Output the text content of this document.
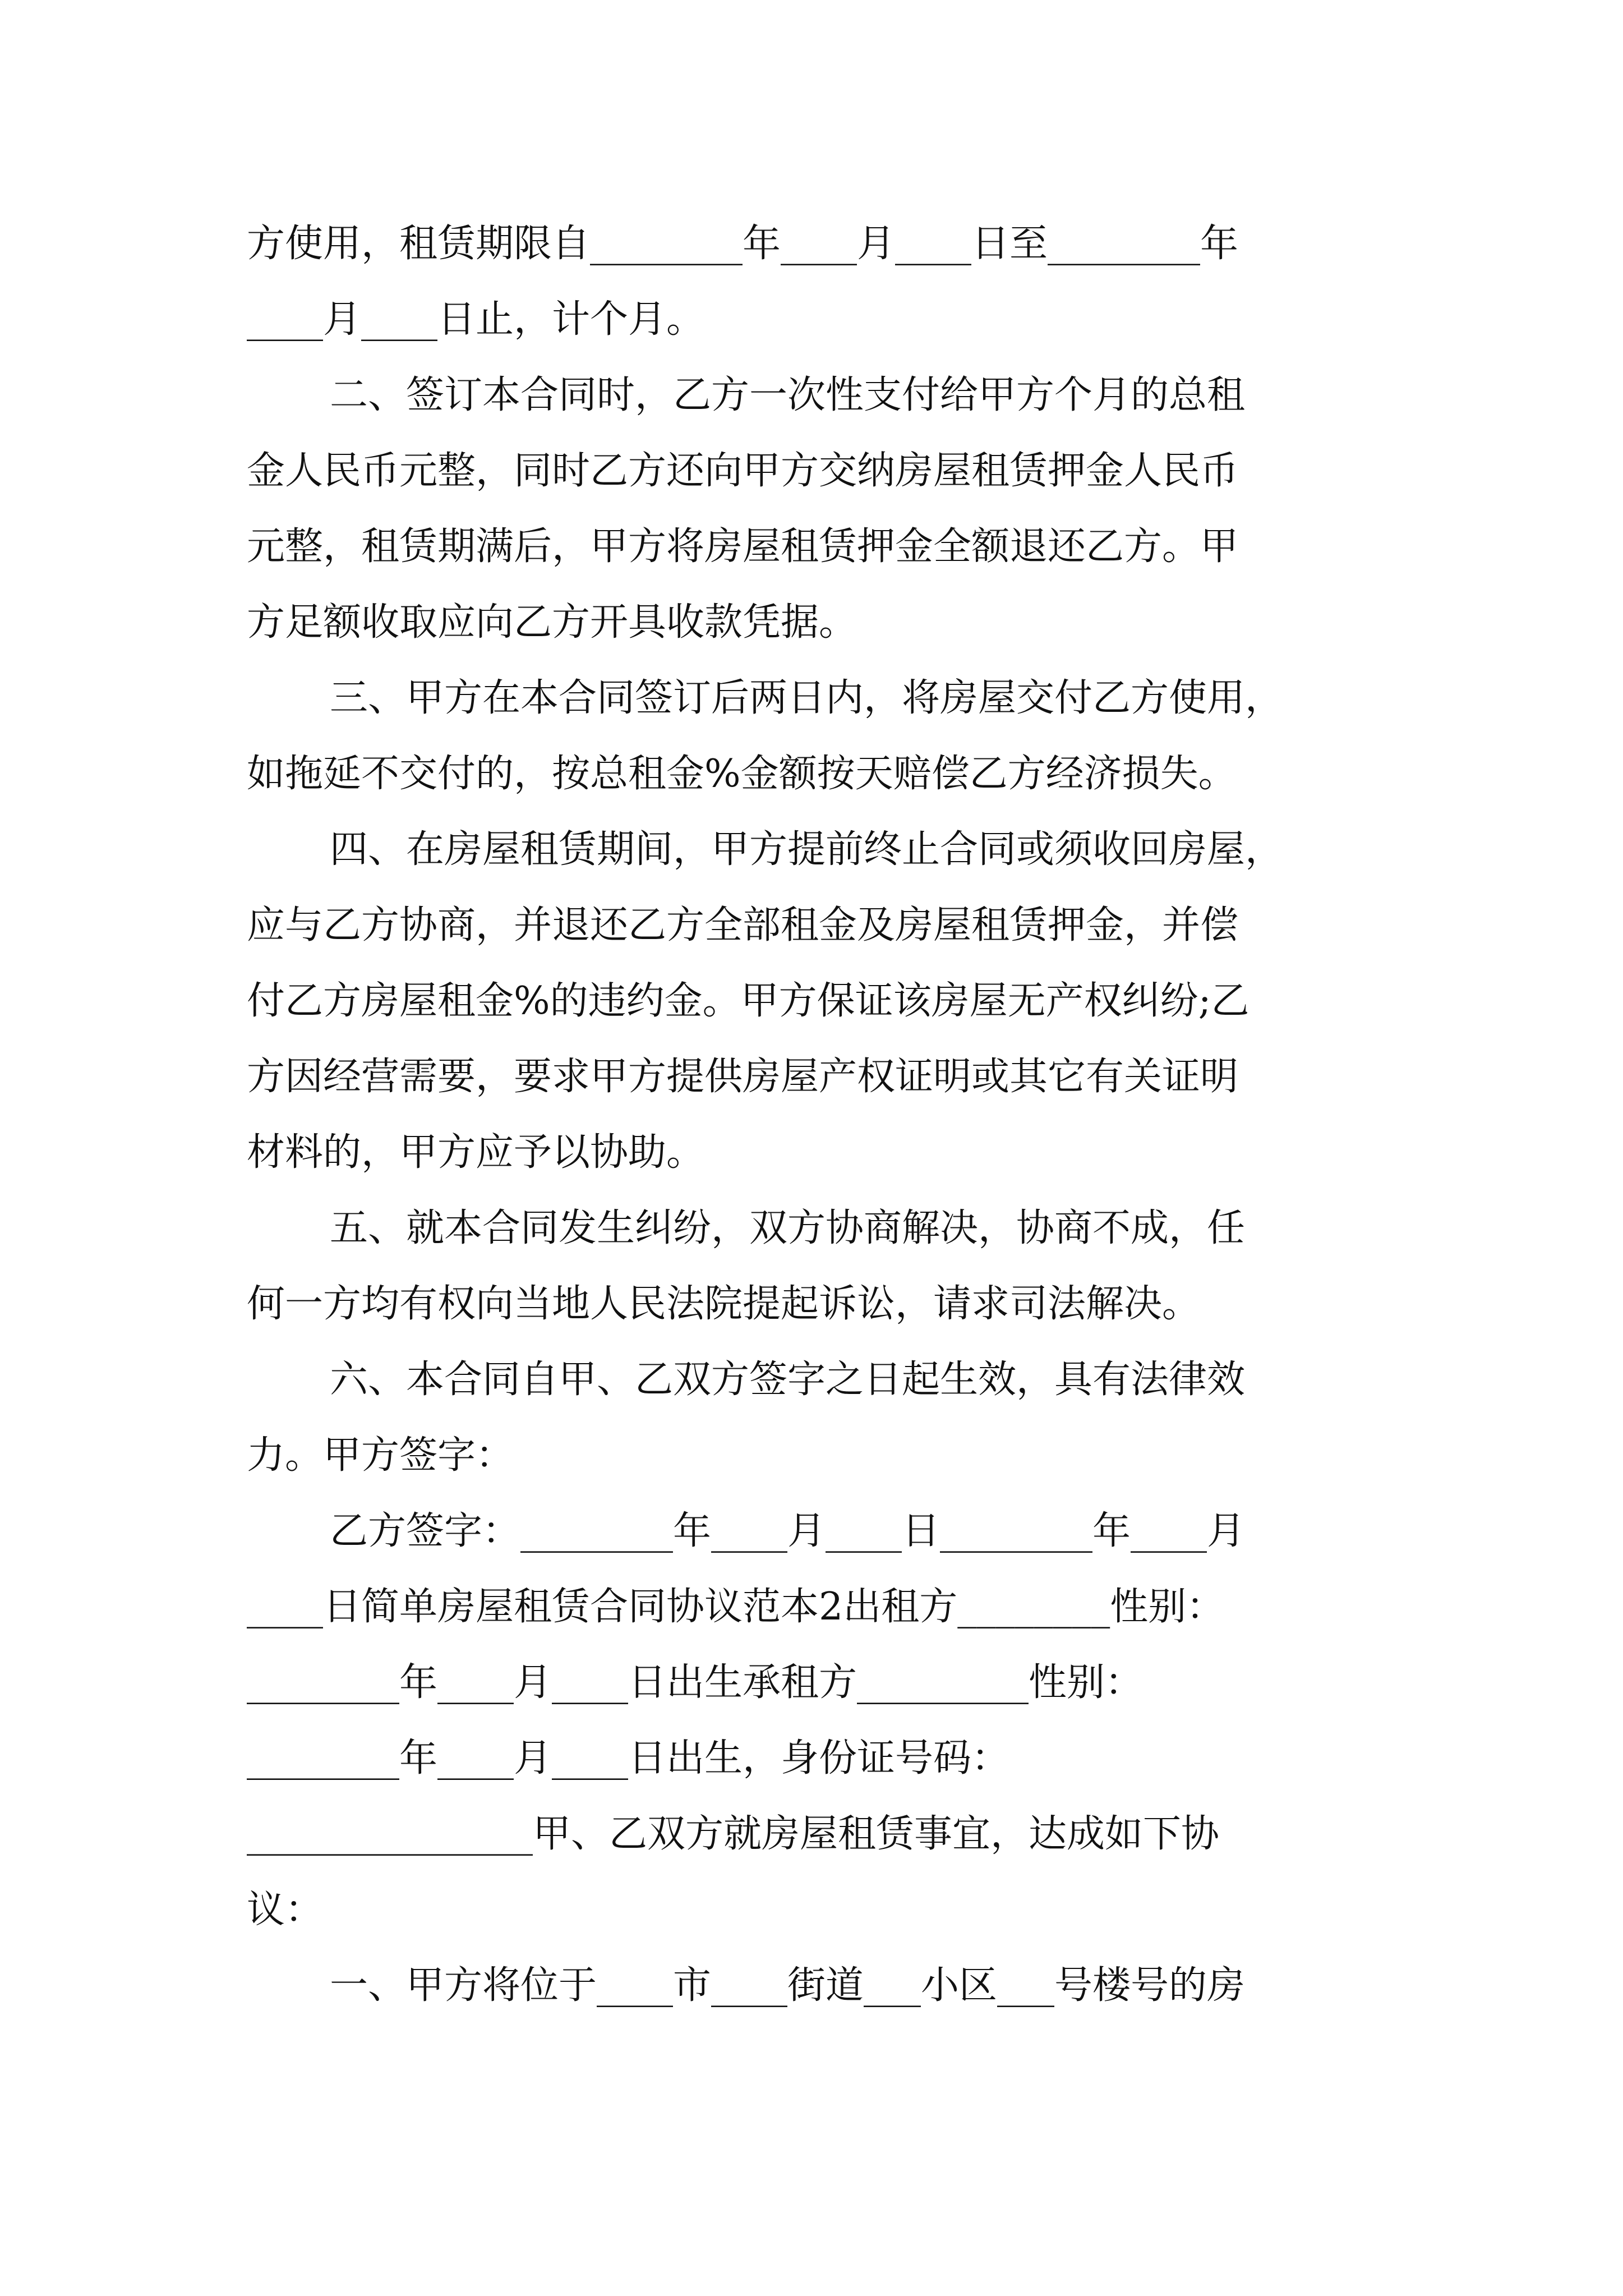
方使用，租赁期限自________年____月____日至________年
____月____日止，计个月。
二、签订本合同时，乙方一次性支付给甲方个月的总租
金人民币元整，同时乙方还向甲方交纳房屋租赁押金人民币
元整，租赁期满后，甲方将房屋租赁押金全额退还乙方。甲
方足额收取应向乙方开具收款凭据。
三、甲方在本合同签订后两日内，将房屋交付乙方使用，
如拖延不交付的，按总租金%金额按天赔偿乙方经济损失。
四、在房屋租赁期间，甲方提前终止合同或须收回房屋，
应与乙方协商，并退还乙方全部租金及房屋租赁押金，并偿
付乙方房屋租金%的违约金。甲方保证该房屋无产权纠纷;乙
方因经营需要，要求甲方提供房屋产权证明或其它有关证明
材料的，甲方应予以协助。
五、就本合同发生纠纷，双方协商解决，协商不成，任
何一方均有权向当地人民法院提起诉讼，请求司法解决。
六、本合同自甲、乙双方签字之日起生效，具有法律效
力。甲方签字：
乙方签字：________年____月____日________年____月
____日简单房屋租赁合同协议范本2出租方________性别：
________年____月____日出生承租方_________性别：
________年____月____日出生，身份证号码：
_______________甲、乙双方就房屋租赁事宜，达成如下协
议：
一、甲方将位于____市____街道___小区___号楼号的房
